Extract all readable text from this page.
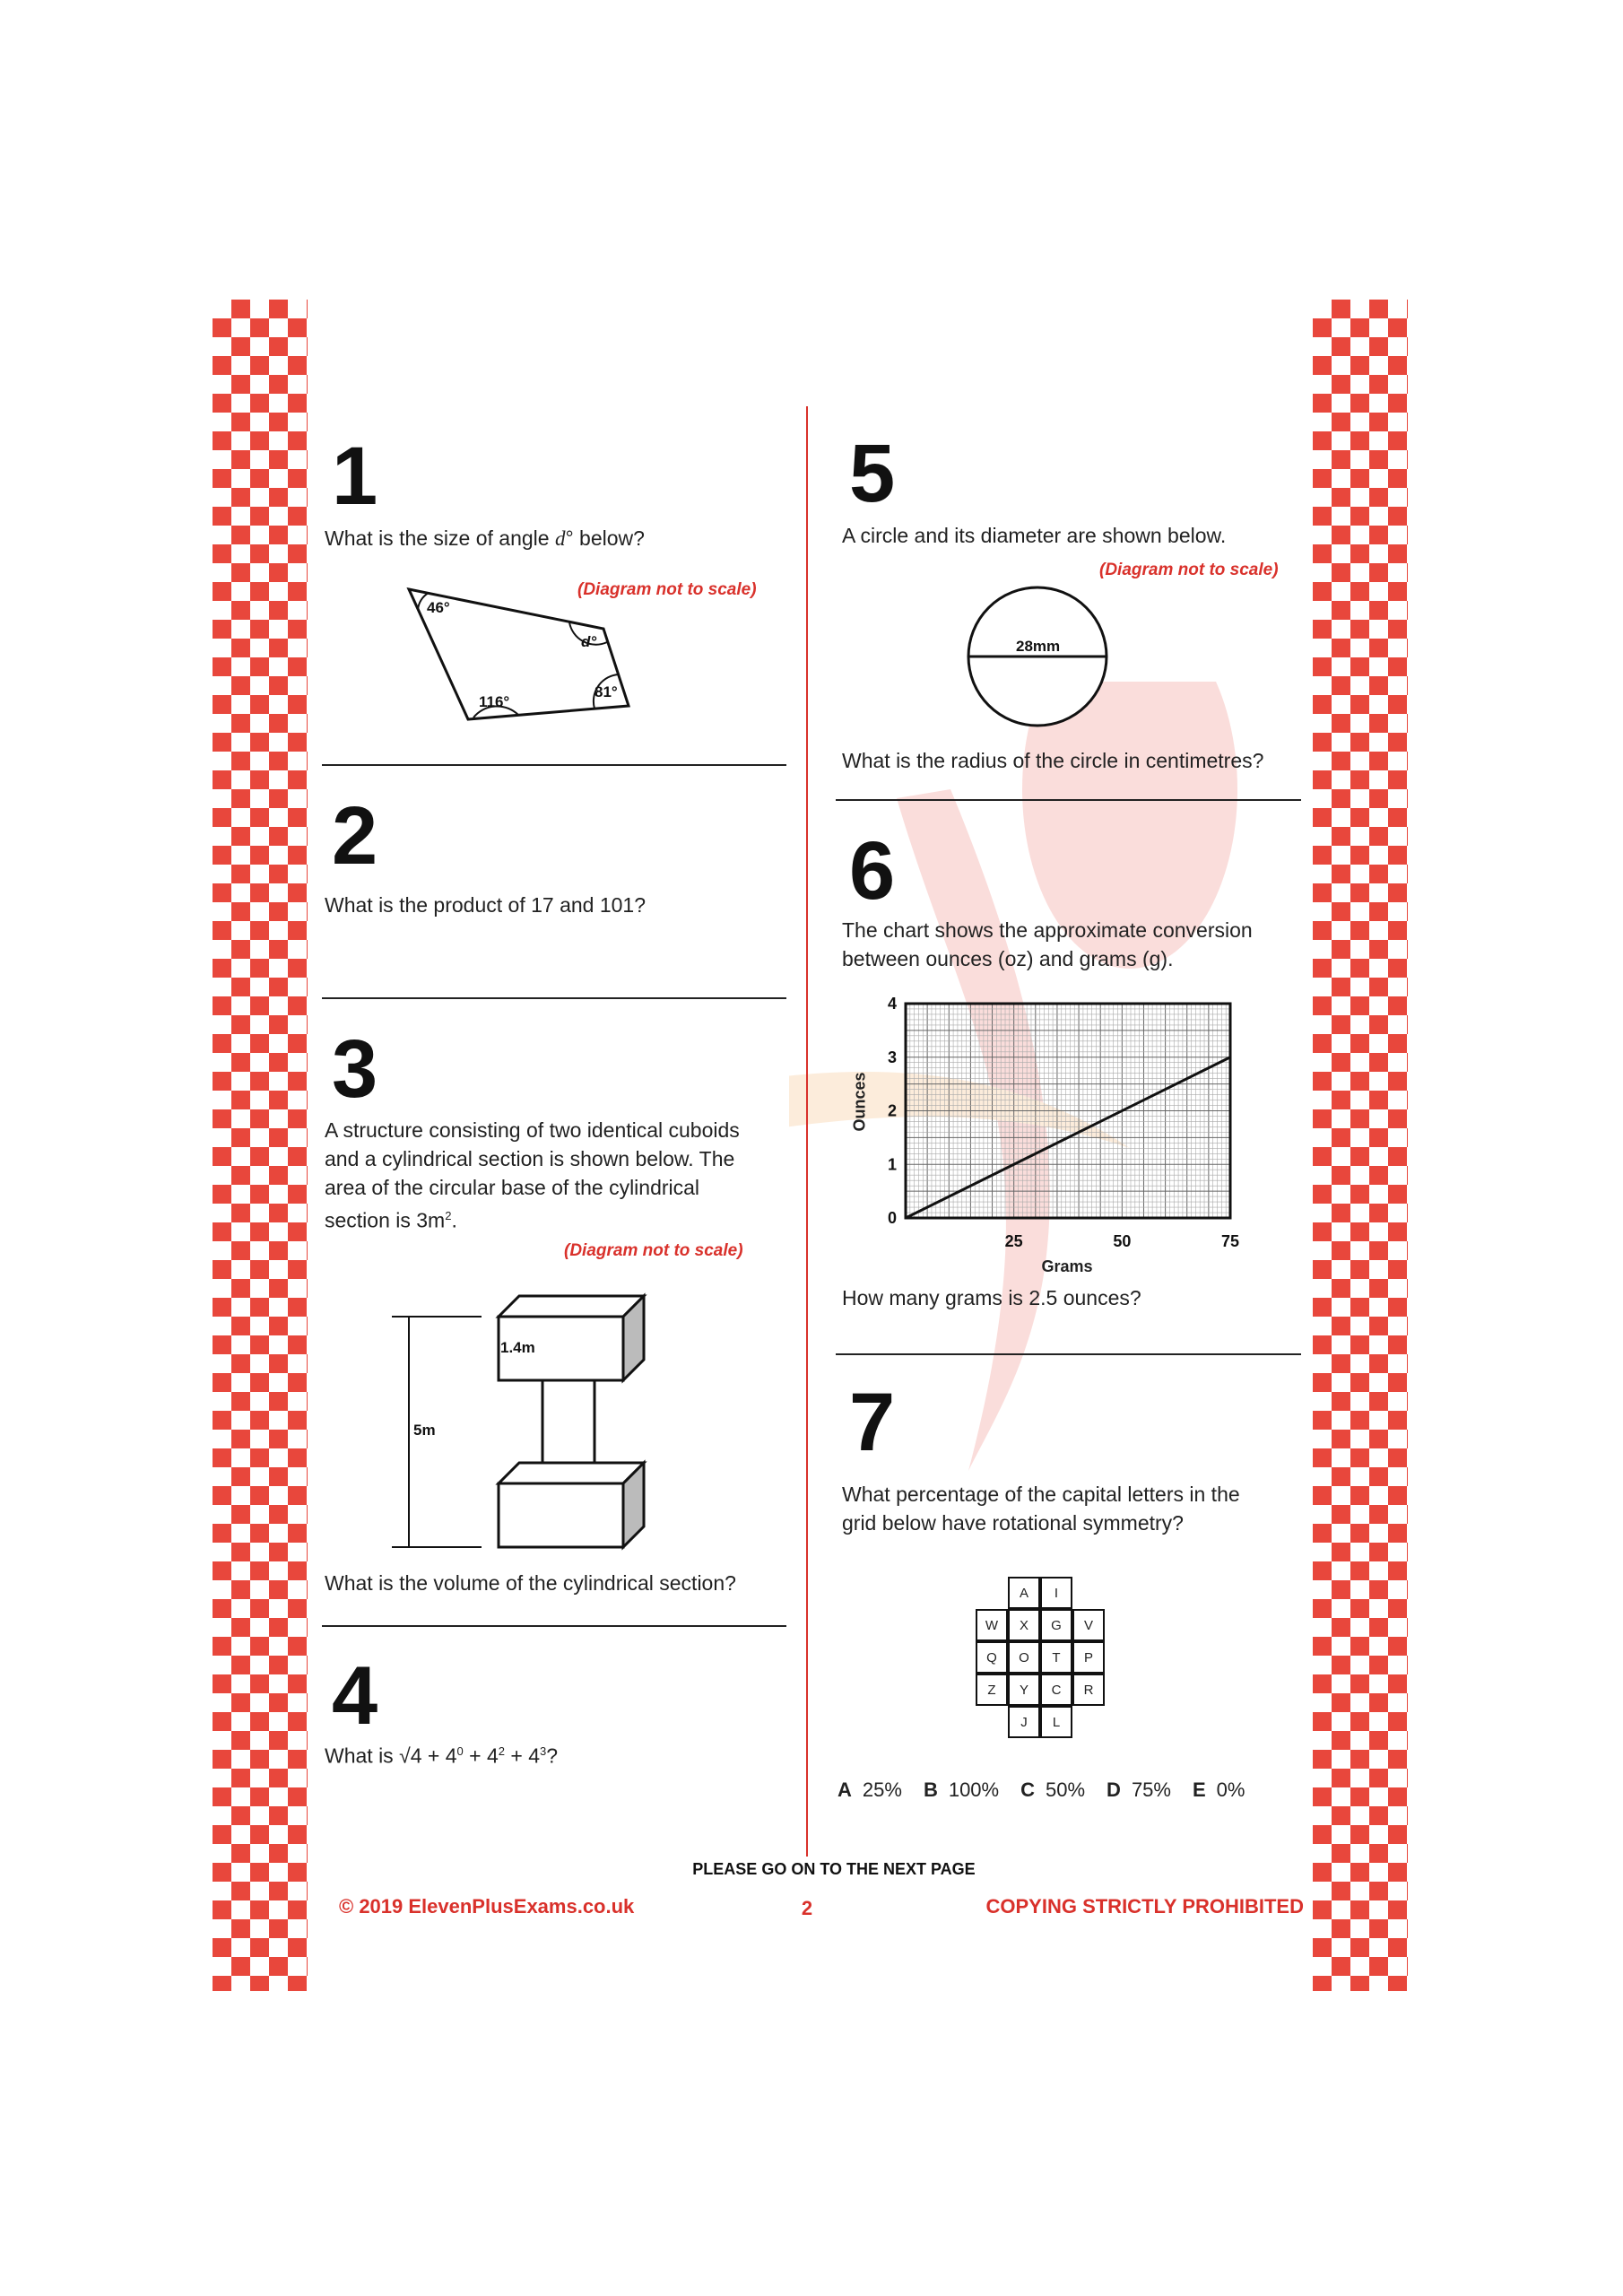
1
What is the size of angle d° below?
(Diagram not to scale)
46°
d°
81°
116°
2
What is the product of 17 and 101?
3
A structure consisting of two identical cuboids
and a cylindrical section is shown below. The
area of the circular base of the cylindrical
section is $3m^2$.
(Diagram not to scale)
5m
1.4m
What is the volume of the cylindrical section?
4
What is $√4 + 4^0 + 4^2 + 4^3$?
5
A circle and its diameter are shown below.
(Diagram not to scale)
28mm
What is the radius of the circle in centimetres?
6
The chart shows the approximate conversion
between ounces (oz) and grams (g).
25	50	75
0
1
2
3
4
Ounces
Grams
How many grams is 2.5 ounces?
7
What percentage of the capital letters in the
grid below have rotational symmetry?
A	I
W	X	G	V
Q	O	T	P
Z	Y	C	R
J	L
A 25% B 100% C 50% D 75% E 0%
PLEASE GO ON TO THE NEXT PAGE
© 2019 ElevenPlusExams.co.uk	2	COPYING STRICTLY PROHIBITED
